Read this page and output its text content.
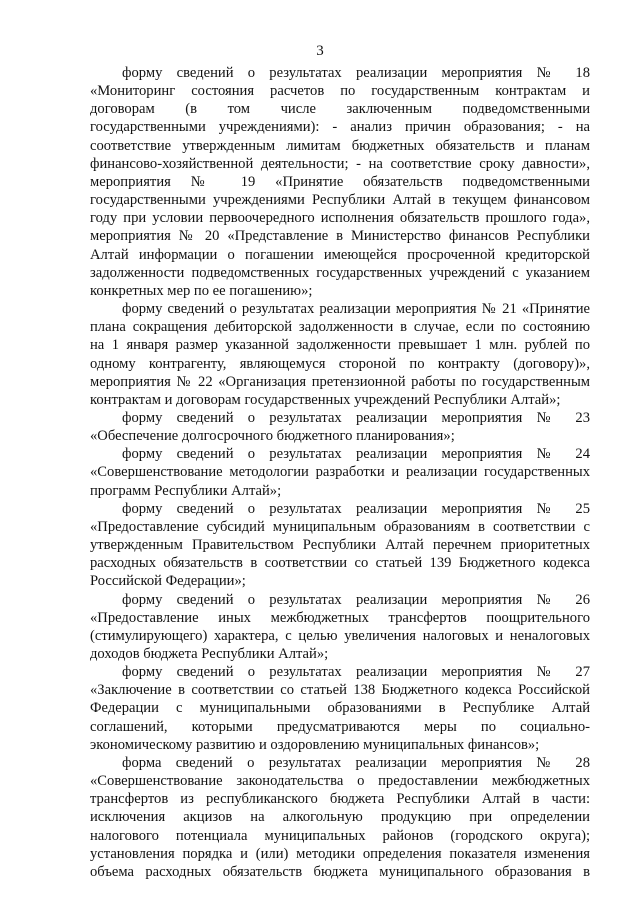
3
форму сведений о результатах реализации мероприятия № 18
«Мониторинг состояния расчетов по государственным контрактам и
договорам (в том числе заключенным подведомственными
государственными учреждениями): - анализ причин образования; - на
соответствие утвержденным лимитам бюджетных обязательств и планам
финансово-хозяйственной деятельности; - на соответствие сроку давности»,
мероприятия № 19 «Принятие обязательств подведомственными
государственными учреждениями Республики Алтай в текущем финансовом
году при условии первоочередного исполнения обязательств прошлого года»,
мероприятия № 20 «Представление в Министерство финансов Республики
Алтай информации о погашении имеющейся просроченной кредиторской
задолженности подведомственных государственных учреждений с указанием
конкретных мер по ее погашению»;
форму сведений о результатах реализации мероприятия № 21 «Принятие
плана сокращения дебиторской задолженности в случае, если по состоянию
на 1 января размер указанной задолженности превышает 1 млн. рублей по
одному контрагенту, являющемуся стороной по контракту (договору)»,
мероприятия № 22 «Организация претензионной работы по государственным
контрактам и договорам государственных учреждений Республики Алтай»;
форму сведений о результатах реализации мероприятия № 23
«Обеспечение долгосрочного бюджетного планирования»;
форму сведений о результатах реализации мероприятия № 24
«Совершенствование методологии разработки и реализации государственных
программ Республики Алтай»;
форму сведений о результатах реализации мероприятия № 25
«Предоставление субсидий муниципальным образованиям в соответствии с
утвержденным Правительством Республики Алтай перечнем приоритетных
расходных обязательств в соответствии со статьей 139 Бюджетного кодекса
Российской Федерации»;
форму сведений о результатах реализации мероприятия № 26
«Предоставление иных межбюджетных трансфертов поощрительного
(стимулирующего) характера, с целью увеличения налоговых и неналоговых
доходов бюджета Республики Алтай»;
форму сведений о результатах реализации мероприятия № 27
«Заключение в соответствии со статьей 138 Бюджетного кодекса Российской
Федерации с муниципальными образованиями в Республике Алтай
соглашений, которыми предусматриваются меры по социально-
экономическому развитию и оздоровлению муниципальных финансов»;
форма сведений о результатах реализации мероприятия № 28
«Совершенствование законодательства о предоставлении межбюджетных
трансфертов из республиканского бюджета Республики Алтай в части:
исключения акцизов на алкогольную продукцию при определении
налогового потенциала муниципальных районов (городского округа);
установления порядка и (или) методики определения показателя изменения
объема расходных обязательств бюджета муниципального образования в
